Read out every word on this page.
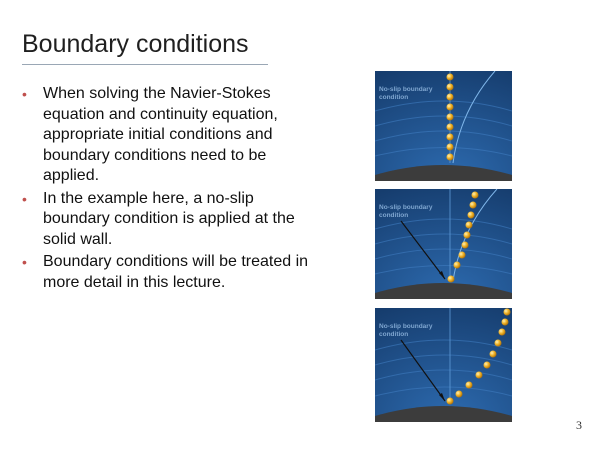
Boundary conditions
• When solving the Navier-Stokes equation and continuity equation, appropriate initial conditions and boundary conditions need to be applied.
• In the example here, a no-slip boundary condition is applied at the solid wall.
• Boundary conditions will be treated in more detail in this lecture.
No-slip boundary
condition
No-slip boundary
condition
No-slip boundary
condition
3
